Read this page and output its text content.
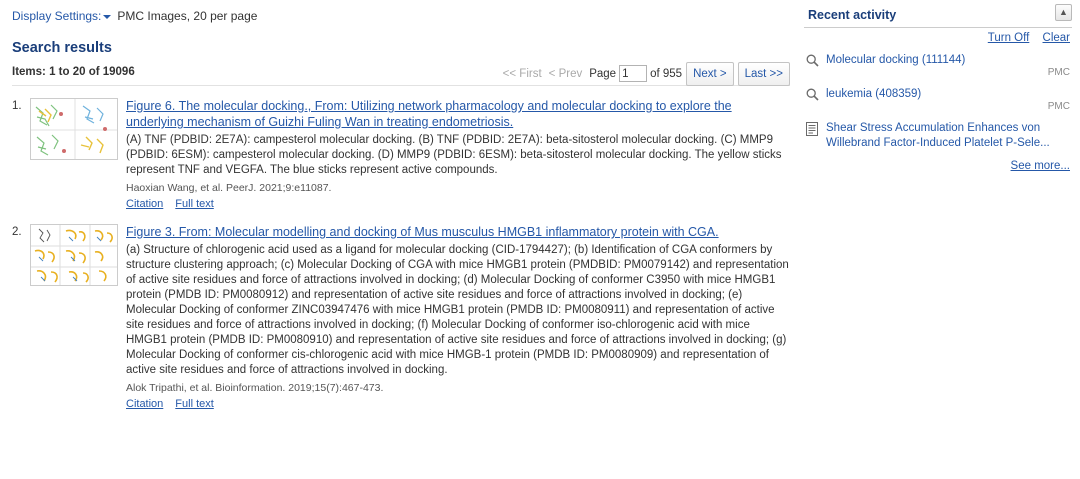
Display Settings: PMC Images, 20 per page
Search results
Items: 1 to 20 of 19096	<< First < Prev Page1	of 955 Next > Last >>
1.	Figure 6. The molecular docking., From: Utilizing network pharmacology and molecular docking to explore the underlying mechanism of Guizhi Fuling Wan in treating endometriosis.
(A) TNF (PDBID: 2E7A): campesterol molecular docking. (B) TNF (PDBID: 2E7A): beta-sitosterol molecular docking. (C) MMP9 (PDBID: 6ESM): campesterol molecular docking. (D) MMP9 (PDBID: 6ESM): beta-sitosterol molecular docking. The yellow sticks represent TNF and VEGFA. The blue sticks represent active compounds.
Haoxian Wang, et al. PeerJ. 2021;9:e11087.
Citation Full text
2.	Figure 3. From: Molecular modelling and docking of Mus musculus HMGB1 inflammatory protein with CGA.
(a) Structure of chlorogenic acid used as a ligand for molecular docking (CID-1794427); (b) Identification of CGA conformers by structure clustering approach; (c) Molecular Docking of CGA with mice HMGB1 protein (PMDBID: PM0079142) and representation of active site residues and force of attractions involved in docking; (d) Molecular Docking of conformer C3950 with mice HMGB1 protein (PMDB ID: PM0080912) and representation of active site residues and force of attractions involved in docking; (e) Molecular Docking of conformer ZINC03947476 with mice HMGB1 protein (PMDB ID: PM0080911) and representation of active site residues and force of attractions involved in docking; (f) Molecular Docking of conformer iso-chlorogenic acid with mice HMGB1 protein (PMDB ID: PM0080910) and representation of active site residues and force of attractions involved in docking; (g) Molecular Docking of conformer cis-chlorogenic acid with mice HMGB-1 protein (PMDB ID: PM0080909) and representation of active site residues and force of attractions involved in docking.
Alok Tripathi, et al. Bioinformation. 2019;15(7):467-473.
Citation Full text
Recent activity	▲
Turn Off Clear
Molecular docking (111144)
PMC
leukemia (408359)
PMC
Shear Stress Accumulation Enhances von Willebrand Factor-Induced Platelet P-Sele...
See more...
